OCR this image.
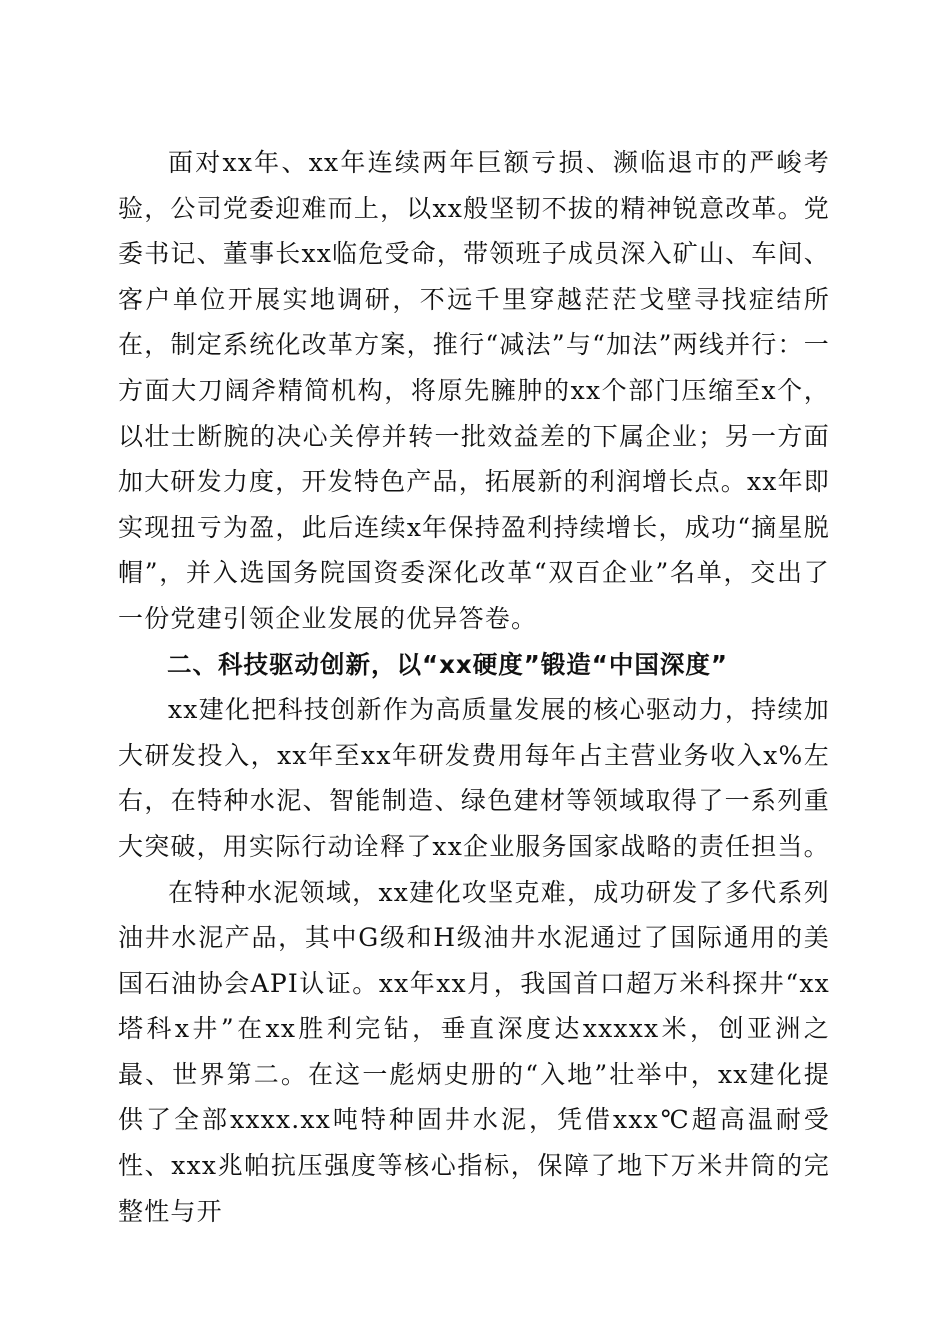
面对xx年、xx年连续两年巨额亏损、濒临退市的严峻考验，公司党委迎难而上，以xx般坚韧不拔的精神锐意改革。党委书记、董事长xx临危受命，带领班子成员深入矿山、车间、客户单位开展实地调研，不远千里穿越茫茫戈壁寻找症结所在，制定系统化改革方案，推行“减法”与“加法”两线并行：一方面大刀阔斧精简机构，将原先臃肿的xx个部门压缩至x个，以壮士断腕的决心关停并转一批效益差的下属企业；另一方面加大研发力度，开发特色产品，拓展新的利润增长点。xx年即实现扭亏为盈，此后连续x年保持盈利持续增长，成功“摘星脱帽”，并入选国务院国资委深化改革“双百企业”名单，交出了一份党建引领企业发展的优异答卷。

二、科技驱动创新，以“xx硬度”锻造“中国深度”

xx建化把科技创新作为高质量发展的核心驱动力，持续加大研发投入，xx年至xx年研发费用每年占主营业务收入x%左右，在特种水泥、智能制造、绿色建材等领域取得了一系列重大突破，用实际行动诠释了xx企业服务国家战略的责任担当。

在特种水泥领域，xx建化攻坚克难，成功研发了多代系列油井水泥产品，其中G级和H级油井水泥通过了国际通用的美国石油协会API认证。xx年xx月，我国首口超万米科探井“xx塔科x井”在xx胜利完钻，垂直深度达xxxxx米，创亚洲之最、世界第二。在这一彪炳史册的“入地”壮举中，xx建化提供了全部xxxx.xx吨特种固井水泥，凭借xxx℃超高温耐受性、xxx兆帕抗压强度等核心指标，保障了地下万米井筒的完整性与开
